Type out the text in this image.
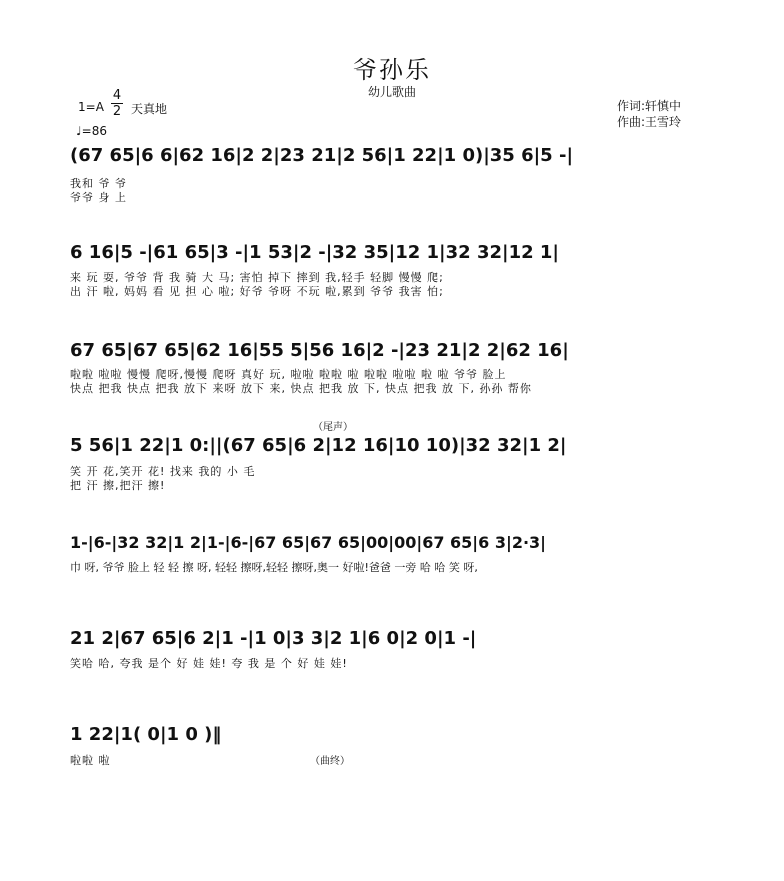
爷孙乐
幼儿歌曲
1=A
4
2 天真地
♩=86
作词:轩慎中
作曲:王雪玲
(67 65|6 6|62 16|2 2|23 21|2 56|1 22|1 0)|35 6|5 -|
我和 爷 爷
爷爷 身 上
6 16|5 -|61 65|3 -|1 53|2 -|32 35|12 1|32 32|12 1|
来 玩 耍, 爷爷 背 我 骑 大 马; 害怕 掉下 摔到 我,轻手 轻脚 慢慢 爬;
出 汗 啦, 妈妈 看 见 担 心 啦; 好爷 爷呀 不玩 啦,累到 爷爷 我害 怕;
67 65|67 65|62 16|55 5|56 16|2 -|23 21|2 2|62 16|
啦啦 啦啦 慢慢 爬呀,慢慢 爬呀 真好 玩, 啦啦 啦啦 啦 啦啦 啦啦 啦 啦 爷爷 脸上
快点 把我 快点 把我 放下 来呀 放下 来, 快点 把我 放 下, 快点 把我 放 下, 孙孙 帮你
（尾声）
5 56|1 22|1 0:||(67 65|6 2|12 16|10 10)|32 32|1 2|
笑 开 花,笑开 花! 找来 我的 小 毛
把 汗 擦,把汗 擦!
1-|6-|32 32|1 2|1-|6-|67 65|67 65|00|00|67 65|6 3|2·3|
巾 呀, 爷爷 脸上 轻 轻 擦 呀, 轻轻 擦呀,轻轻 擦呀,奥一 好啦!爸爸 一旁 哈 哈 笑 呀,
21 2|67 65|6 2|1 -|1 0|3 3|2 1|6 0|2 0|1 -|
笑哈 哈, 夸我 是个 好 娃 娃! 夸 我 是 个 好 娃 娃!
1 22|1( 0|1 0 )‖
啦啦 啦	（曲终）
